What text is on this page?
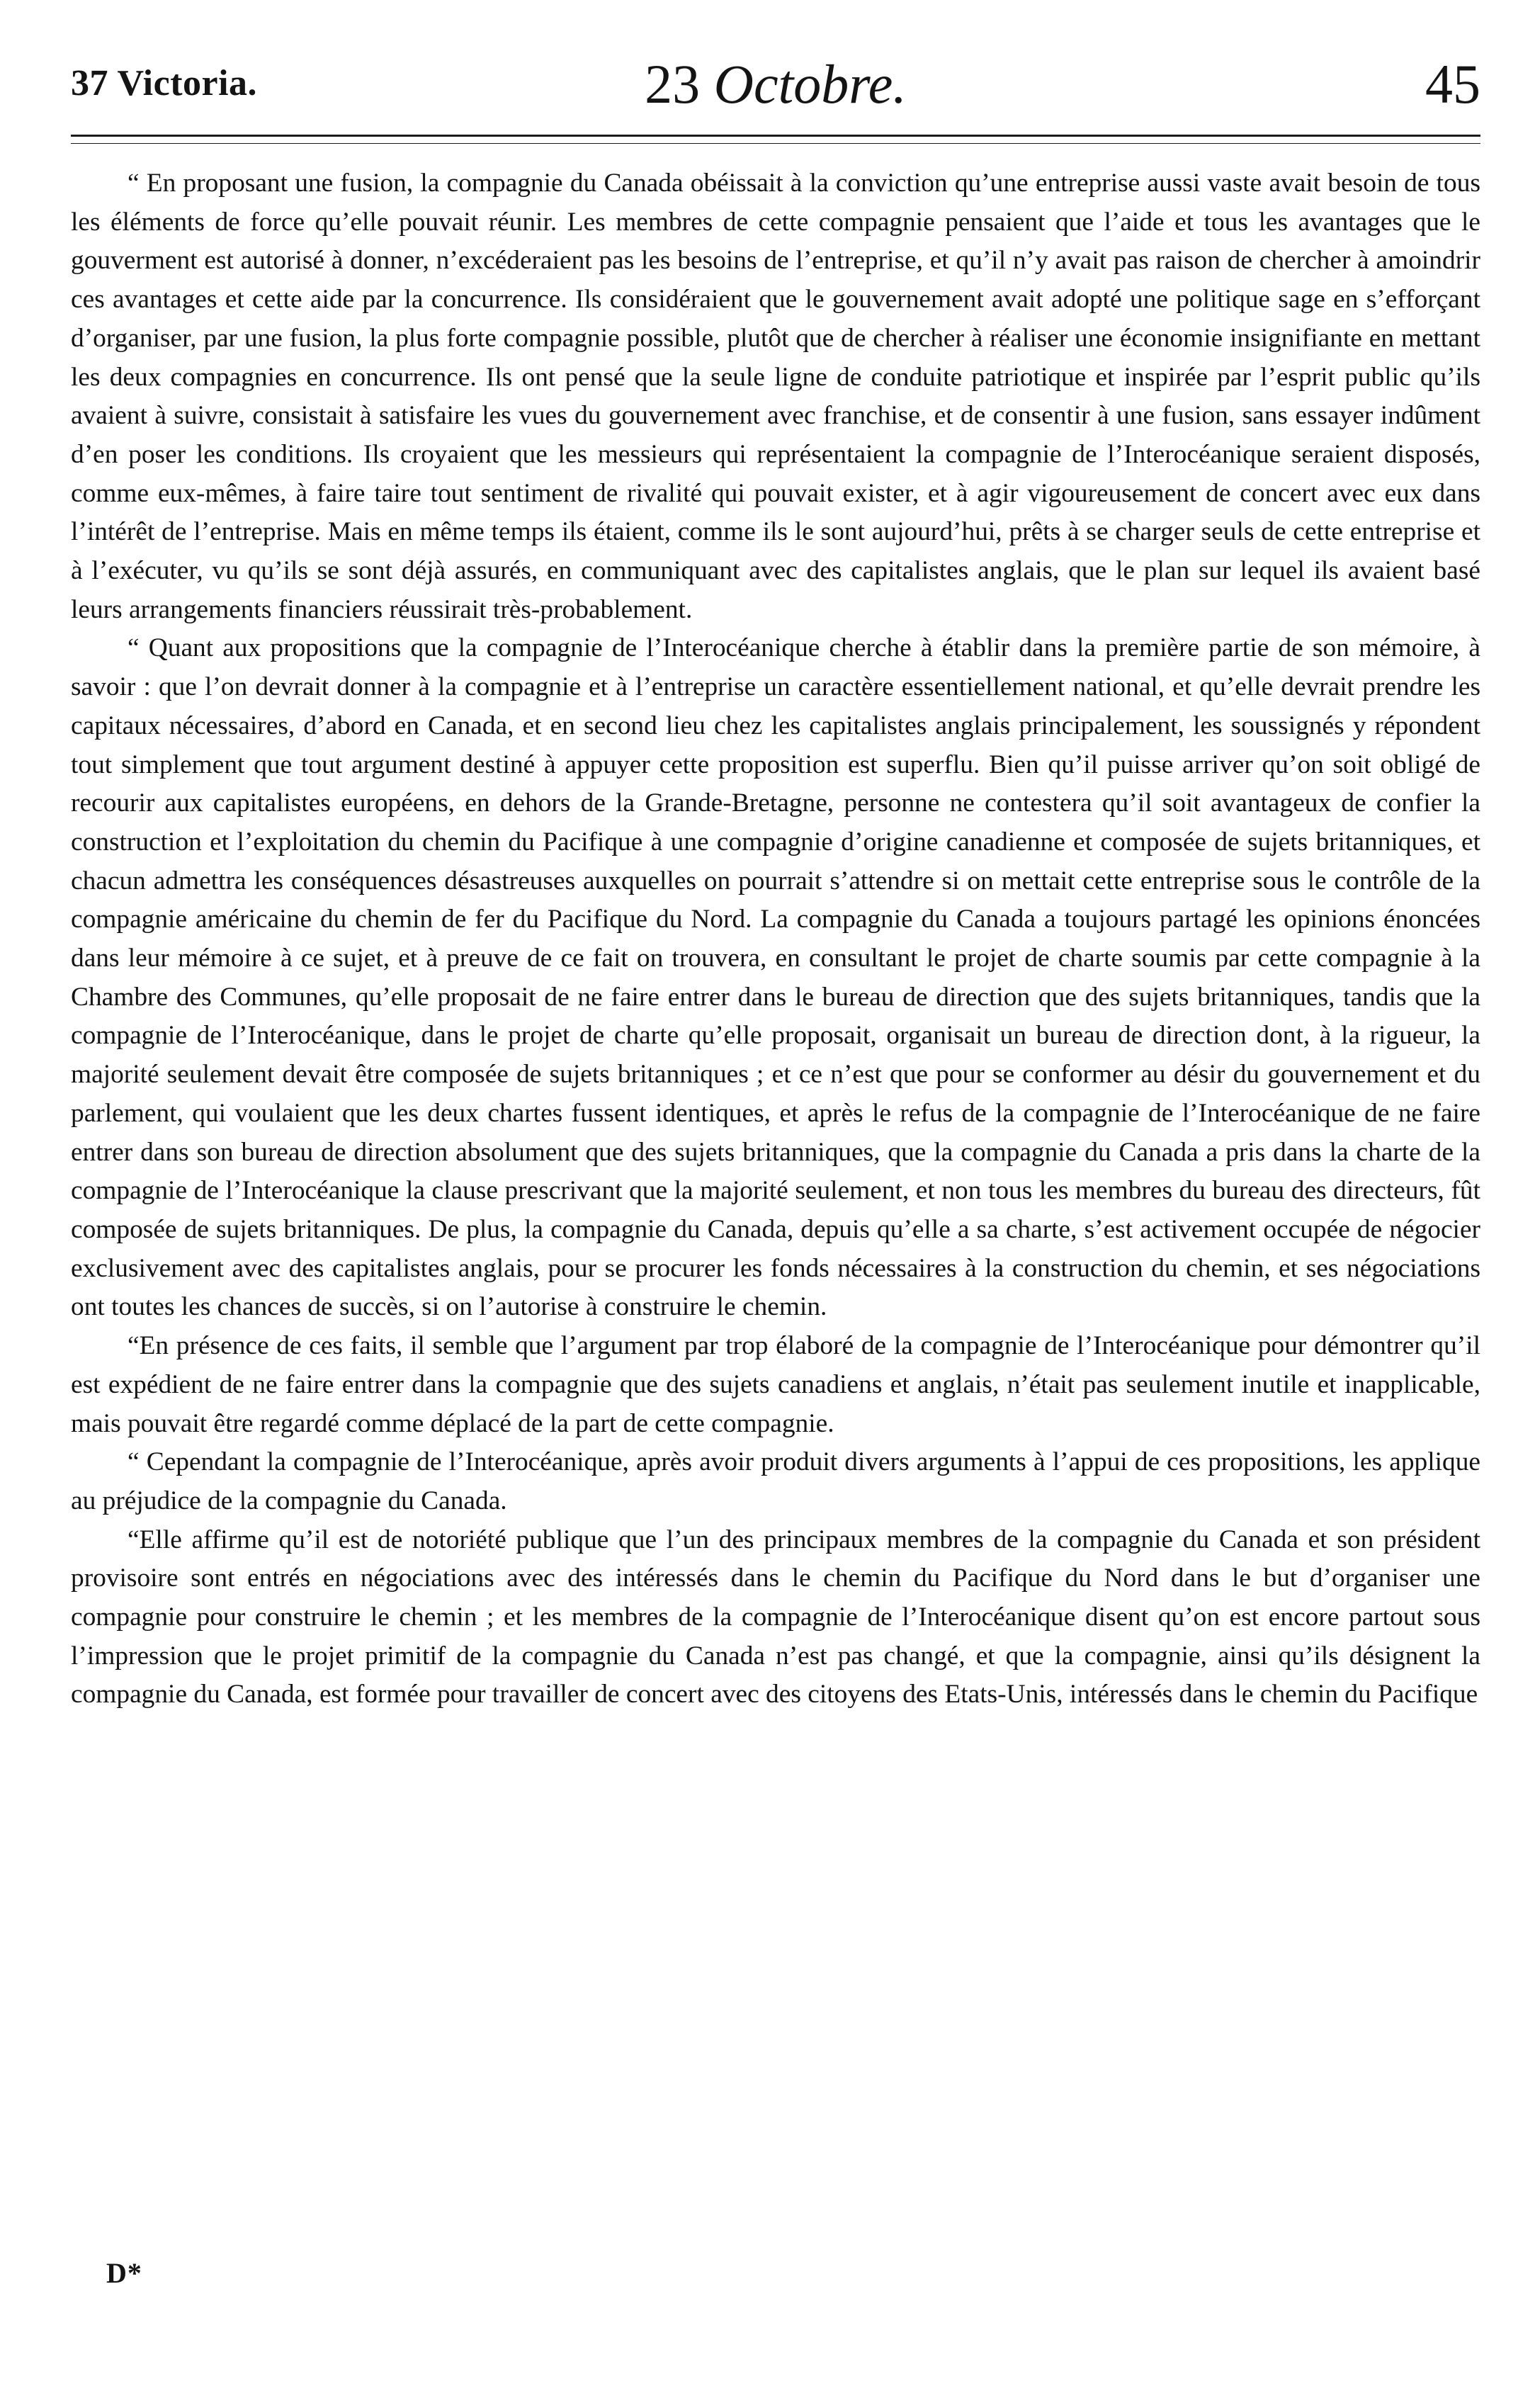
37 Victoria.	23 Octobre.	45

“ En proposant une fusion, la compagnie du Canada obéissait à la conviction qu’une entreprise aussi vaste avait besoin de tous les éléments de force qu’elle pouvait réunir. Les membres de cette compagnie pensaient que l’aide et tous les avantages que le gouverment est autorisé à donner, n’excéderaient pas les besoins de l’entreprise, et qu’il n’y avait pas raison de chercher à amoindrir ces avantages et cette aide par la concurrence. Ils considéraient que le gouvernement avait adopté une politique sage en s’efforçant d’organiser, par une fusion, la plus forte compagnie possible, plutôt que de chercher à réaliser une économie insignifiante en mettant les deux compagnies en concurrence. Ils ont pensé que la seule ligne de conduite patriotique et inspirée par l’esprit public qu’ils avaient à suivre, consistait à satisfaire les vues du gouvernement avec franchise, et de consentir à une fusion, sans essayer indûment d’en poser les conditions. Ils croyaient que les messieurs qui représentaient la compagnie de l’Interocéanique seraient disposés, comme eux-mêmes, à faire taire tout sentiment de rivalité qui pouvait exister, et à agir vigoureusement de concert avec eux dans l’intérêt de l’entreprise. Mais en même temps ils étaient, comme ils le sont aujourd’hui, prêts à se charger seuls de cette entreprise et à l’exécuter, vu qu’ils se sont déjà assurés, en communiquant avec des capitalistes anglais, que le plan sur lequel ils avaient basé leurs arrangements financiers réussirait très-probablement.

“ Quant aux propositions que la compagnie de l’Interocéanique cherche à établir dans la première partie de son mémoire, à savoir : que l’on devrait donner à la compagnie et à l’entreprise un caractère essentiellement national, et qu’elle devrait prendre les capitaux nécessaires, d’abord en Canada, et en second lieu chez les capitalistes anglais principalement, les soussignés y répondent tout simplement que tout argument destiné à appuyer cette proposition est superflu. Bien qu’il puisse arriver qu’on soit obligé de recourir aux capitalistes européens, en dehors de la Grande-Bretagne, personne ne contestera qu’il soit avantageux de confier la construction et l’exploitation du chemin du Pacifique à une compagnie d’origine canadienne et composée de sujets britanniques, et chacun admettra les conséquences désastreuses auxquelles on pourrait s’attendre si on mettait cette entreprise sous le contrôle de la compagnie américaine du chemin de fer du Pacifique du Nord. La compagnie du Canada a toujours partagé les opinions énoncées dans leur mémoire à ce sujet, et à preuve de ce fait on trouvera, en consultant le projet de charte soumis par cette compagnie à la Chambre des Communes, qu’elle proposait de ne faire entrer dans le bureau de direction que des sujets britanniques, tandis que la compagnie de l’Interocéanique, dans le projet de charte qu’elle proposait, organisait un bureau de direction dont, à la rigueur, la majorité seulement devait être composée de sujets britanniques ; et ce n’est que pour se conformer au désir du gouvernement et du parlement, qui voulaient que les deux chartes fussent identiques, et après le refus de la compagnie de l’Interocéanique de ne faire entrer dans son bureau de direction absolument que des sujets britanniques, que la compagnie du Canada a pris dans la charte de la compagnie de l’Interocéanique la clause prescrivant que la majorité seulement, et non tous les membres du bureau des directeurs, fût composée de sujets britanniques. De plus, la compagnie du Canada, depuis qu’elle a sa charte, s’est activement occupée de négocier exclusivement avec des capitalistes anglais, pour se procurer les fonds nécessaires à la construction du chemin, et ses négociations ont toutes les chances de succès, si on l’autorise à construire le chemin.

“En présence de ces faits, il semble que l’argument par trop élaboré de la compagnie de l’Interocéanique pour démontrer qu’il est expédient de ne faire entrer dans la compagnie que des sujets canadiens et anglais, n’était pas seulement inutile et inapplicable, mais pouvait être regardé comme déplacé de la part de cette compagnie.

“ Cependant la compagnie de l’Interocéanique, après avoir produit divers arguments à l’appui de ces propositions, les applique au préjudice de la compagnie du Canada.

“Elle affirme qu’il est de notoriété publique que l’un des principaux membres de la compagnie du Canada et son président provisoire sont entrés en négociations avec des intéressés dans le chemin du Pacifique du Nord dans le but d’organiser une compagnie pour construire le chemin ; et les membres de la compagnie de l’Interocéanique disent qu’on est encore partout sous l’impression que le projet primitif de la compagnie du Canada n’est pas changé, et que la compagnie, ainsi qu’ils désignent la compagnie du Canada, est formée pour travailler de concert avec des citoyens des Etats-Unis, intéressés dans le chemin du Pacifique

D*
